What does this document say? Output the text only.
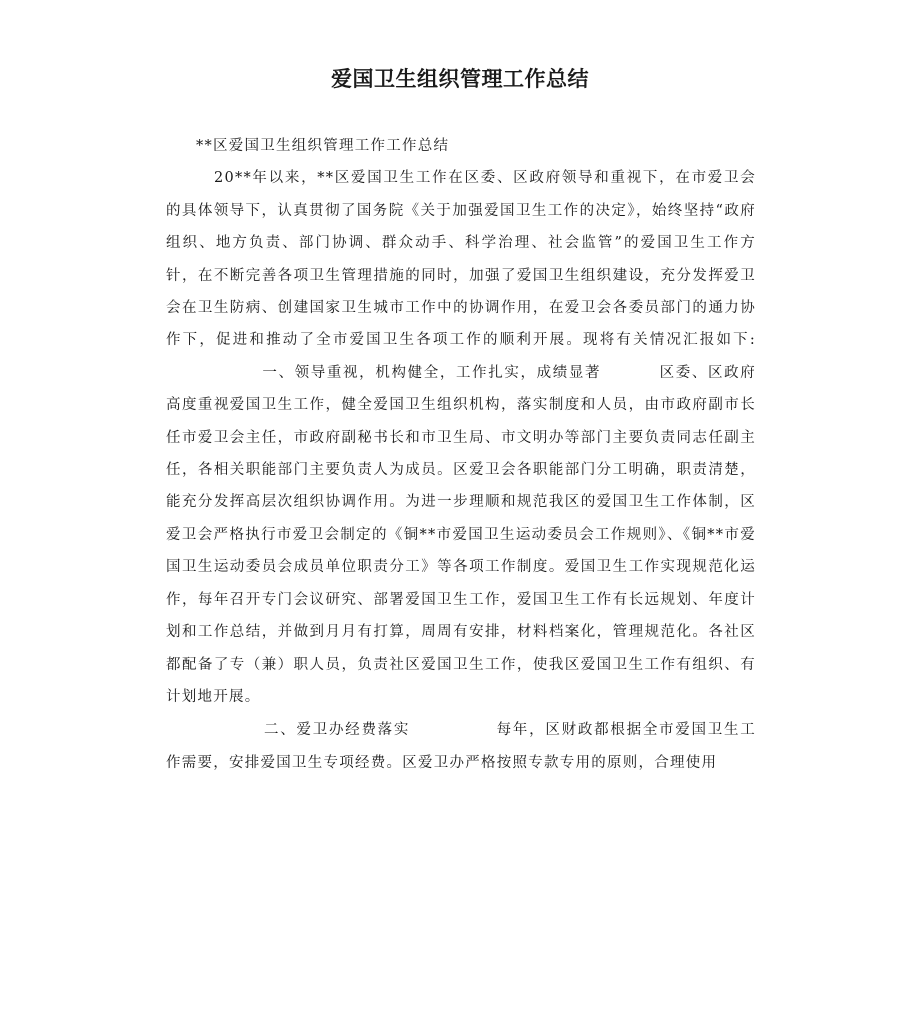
爱国卫生组织管理工作总结

**区爱国卫生组织管理工作工作总结

20**年以来，**区爱国卫生工作在区委、区政府领导和重视下，在市爱卫会的具体领导下，认真贯彻了国务院《关于加强爱国卫生工作的决定》，始终坚持“政府组织、地方负责、部门协调、群众动手、科学治理、社会监管”的爱国卫生工作方针，在不断完善各项卫生管理措施的同时，加强了爱国卫生组织建设，充分发挥爱卫会在卫生防病、创建国家卫生城市工作中的协调作用，在爱卫会各委员部门的通力协作下，促进和推动了全市爱国卫生各项工作的顺利开展。现将有关情况汇报如下:一、领导重视，机构健全，工作扎实，成绩显著	区委、区政府高度重视爱国卫生工作，健全爱国卫生组织机构，落实制度和人员，由市政府副市长任市爱卫会主任，市政府副秘书长和市卫生局、市文明办等部门主要负责同志任副主任，各相关职能部门主要负责人为成员。区爱卫会各职能部门分工明确，职责清楚，能充分发挥高层次组织协调作用。为进一步理顺和规范我区的爱国卫生工作体制，区爱卫会严格执行市爱卫会制定的《铜**市爱国卫生运动委员会工作规则》、《铜**市爱国卫生运动委员会成员单位职责分工》等各项工作制度。爱国卫生工作实现规范化运作，每年召开专门会议研究、部署爱国卫生工作，爱国卫生工作有长远规划、年度计划和工作总结，并做到月月有打算，周周有安排，材料档案化，管理规范化。各社区都配备了专（兼）职人员，负责社区爱国卫生工作，使我区爱国卫生工作有组织、有计划地开展。

二、爱卫办经费落实	每年，区财政都根据全市爱国卫生工作需要，安排爱国卫生专项经费。区爱卫办严格按照专款专用的原则，合理使用
